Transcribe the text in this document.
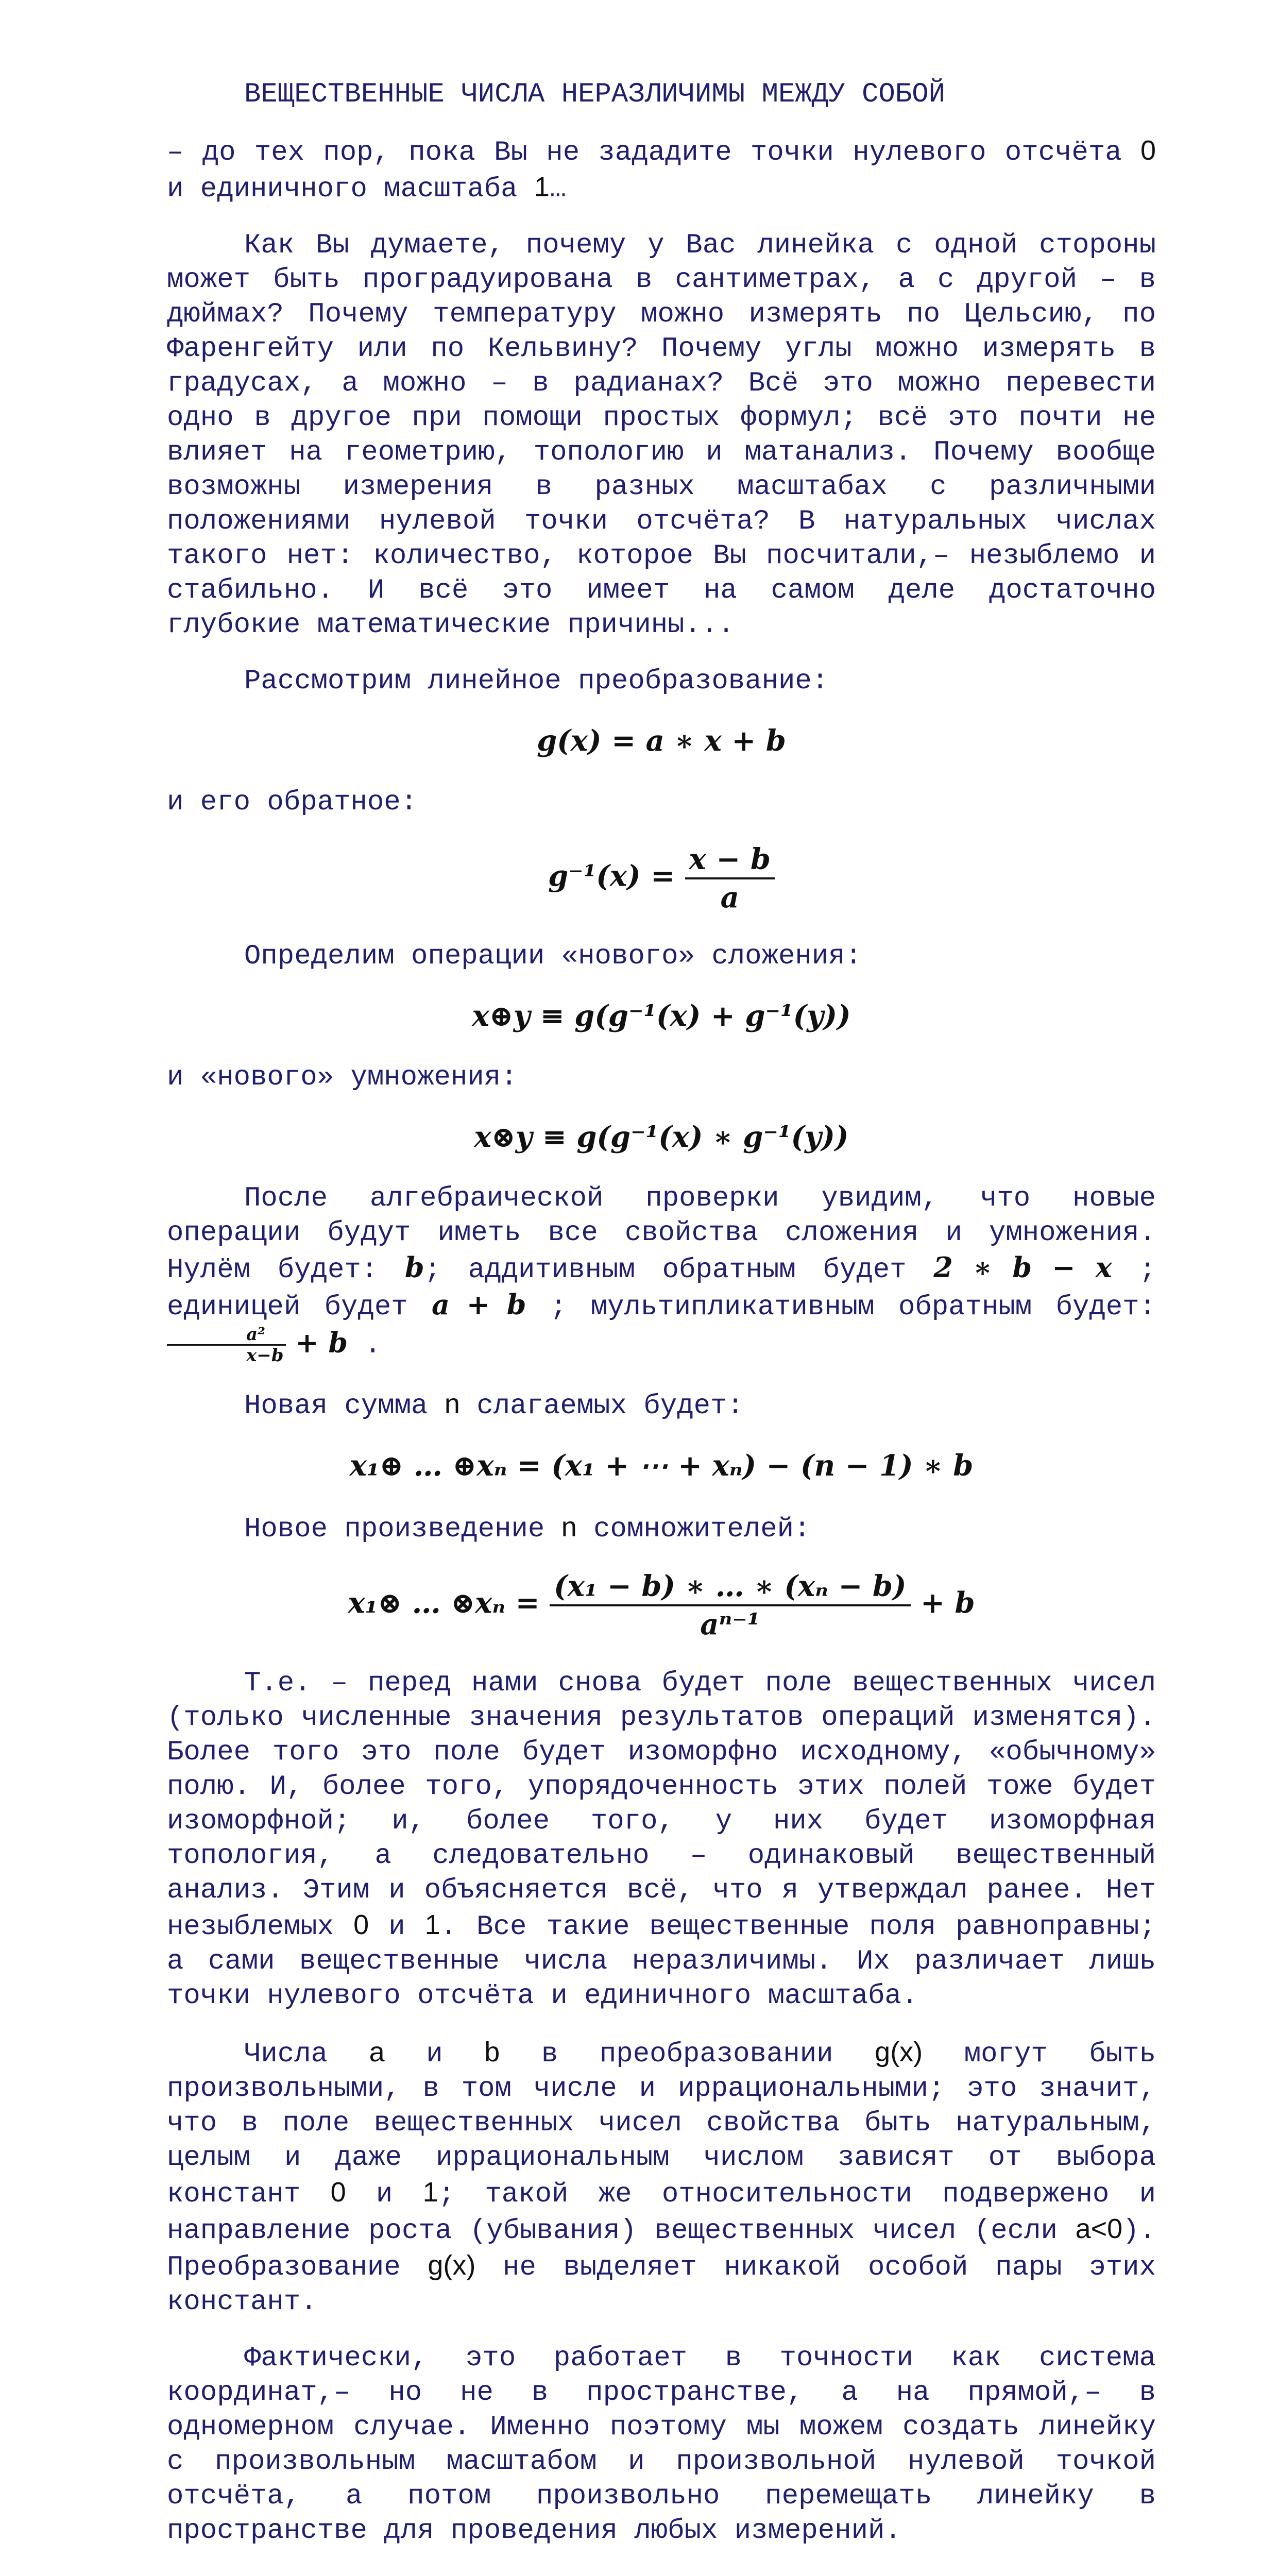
ВЕЩЕСТВЕННЫЕ ЧИСЛА НЕРАЗЛИЧИМЫ МЕЖДУ СОБОЙ

– до тех пор, пока Вы не зададите точки нулевого отсчёта 0 и единичного масштаба 1…

Как Вы думаете, почему у Вас линейка с одной стороны может быть проградуирована в сантиметрах, а с другой – в дюймах? Почему температуру можно измерять по Цельсию, по Фаренгейту или по Кельвину? Почему углы можно измерять в градусах, а можно – в радианах? Всё это можно перевести одно в другое при помощи простых формул; всё это почти не влияет на геометрию, топологию и матанализ. Почему вообще возможны измерения в разных масштабах с различными положениями нулевой точки отсчёта? В натуральных числах такого нет: количество, которое Вы посчитали,– незыблемо и стабильно. И всё это имеет на самом деле достаточно глубокие математические причины...

Рассмотрим линейное преобразование:

g(x) = a ∗ x + b

и его обратное:

$g^{-1}(x) = \frac{x - b}{a}$

Определим операции «нового» сложения:

x⊕y ≡ g(g⁻¹(x) + g⁻¹(y))

и «нового» умножения:

x⊗y ≡ g(g⁻¹(x) ∗ g⁻¹(y))

После алгебраической проверки увидим, что новые операции будут иметь все свойства сложения и умножения. Нулём будет: b; аддитивным обратным будет 2 ∗ b − x ; единицей будет a + b ; мультипликативным обратным будет:
$\frac{\text{a²}}{x-b} + b$ .

Новая сумма n слагаемых будет:

x₁⊕ … ⊕xₙ = (x₁ + ⋯ + xₙ) − (n − 1) ∗ b

Новое произведение n сомножителей:

x₁⊗ … ⊗xₙ = $\frac{\text{(x₁ − b) ∗ … ∗ (xₙ − b)}}{\text{aⁿ⁻¹}} + b$

Т.е. – перед нами снова будет поле вещественных чисел (только численные значения результатов операций изменятся). Более того это поле будет изоморфно исходному, «обычному» полю. И, более того, упорядоченность этих полей тоже будет изоморфной; и, более того, у них будет изоморфная топология, а следовательно – одинаковый вещественный анализ. Этим и объясняется всё, что я утверждал ранее. Нет незыблемых 0 и 1. Все такие вещественные поля равноправны; а сами вещественные числа неразличимы. Их различает лишь точки нулевого отсчёта и единичного масштаба.

Числа a и b в преобразовании g(x) могут быть произвольными, в том числе и иррациональными; это значит, что в поле вещественных чисел свойства быть натуральным, целым и даже иррациональным числом зависят от выбора констант 0 и 1; такой же относительности подвержено и направление роста (убывания) вещественных чисел (если a<0). Преобразование g(x) не выделяет никакой особой пары этих констант.

Фактически, это работает в точности как система координат,– но не в пространстве, а на прямой,– в одномерном случае. Именно поэтому мы можем создать линейку с произвольным масштабом и произвольной нулевой точкой отсчёта, а потом произвольно перемещать линейку в пространстве для проведения любых измерений.
